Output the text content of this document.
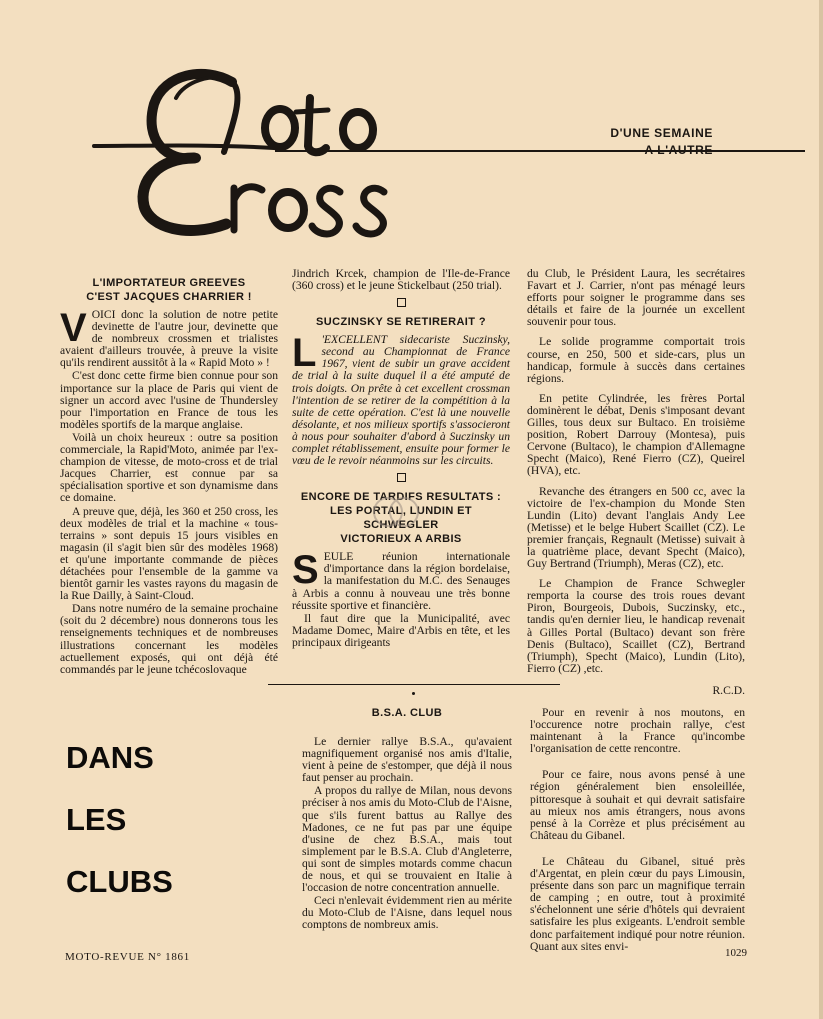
D'UNE SEMAINE
A L'AUTRE
L'IMPORTATEUR GREEVES
C'EST JACQUES CHARRIER !

VOICI donc la solution de notre petite devinette de l'autre jour, devinette que de nombreux crossmen et trialistes avaient d'ailleurs trouvée, à preuve la visite qu'ils rendirent aussitôt à la « Rapid Moto » !

C'est donc cette firme bien connue pour son importance sur la place de Paris qui vient de signer un accord avec l'usine de Thundersley pour l'importation en France de tous les modèles sportifs de la marque anglaise.

Voilà un choix heureux : outre sa position commerciale, la Rapid'Moto, animée par l'ex-champion de vitesse, de moto-cross et de trial Jacques Charrier, est connue par sa spécialisation sportive et son dynamisme dans ce domaine.

A preuve que, déjà, les 360 et 250 cross, les deux modèles de trial et la machine « tous-terrains » sont depuis 15 jours visibles en magasin (il s'agit bien sûr des modèles 1968) et qu'une importante commande de pièces détachées pour l'ensemble de la gamme va bientôt garnir les vastes rayons du magasin de la Rue Dailly, à Saint-Cloud.

Dans notre numéro de la semaine prochaine (soit du 2 décembre) nous donnerons tous les renseignements techniques et de nombreuses illustrations concernant les modèles actuellement exposés, qui ont déjà été commandés par le jeune tchécoslovaque

Jindrich Krcek, champion de l'Ile-de-France (360 cross) et le jeune Stickelbaut (250 trial).

SUCZINSKY SE RETIRERAIT ?

L 'EXCELLENT sidecariste Suczinsky, second au Championnat de France 1967, vient de subir un grave accident de trial à la suite duquel il a été amputé de trois doigts. On prête à cet excellent crossman l'intention de se retirer de la compétition à la suite de cette opération. C'est là une nouvelle désolante, et nos milieux sportifs s'associeront à nous pour souhaiter d'abord à Suczinsky un complet rétablissement, ensuite pour former le vœu de le revoir néanmoins sur les circuits.

ENCORE DE TARDIFS RESULTATS :
LES PORTAL, LUNDIN ET SCHWEGLER
VICTORIEUX A ARBIS

SEULE réunion internationale d'importance dans la région bordelaise, la manifestation du M.C. des Senauges à Arbis a connu à nouveau une très bonne réussite sportive et financière.

Il faut dire que la Municipalité, avec Madame Domec, Maire d'Arbis en tête, et les principaux dirigeants

du Club, le Président Laura, les secrétaires Favart et J. Carrier, n'ont pas ménagé leurs efforts pour soigner le programme dans ses détails et faire de la journée un excellent souvenir pour tous.

Le solide programme comportait trois course, en 250, 500 et side-cars, plus un handicap, formule à succès dans certaines régions.

En petite Cylindrée, les frères Portal dominèrent le débat, Denis s'imposant devant Gilles, tous deux sur Bultaco. En troisième position, Robert Darrouy (Montesa), puis Cervone (Bultaco), le champion d'Allemagne Specht (Maico), René Fierro (CZ), Queirel (HVA), etc.

Revanche des étrangers en 500 cc, avec la victoire de l'ex-champion du Monde Sten Lundin (Lito) devant l'anglais Andy Lee (Metisse) et le belge Hubert Scaillet (CZ). Le premier français, Regnault (Metisse) suivait à la quatrième place, devant Specht (Maico), Guy Bertrand (Triumph), Meras (CZ), etc.

Le Champion de France Schwegler remporta la course des trois roues devant Piron, Bourgeois, Dubois, Suczinsky, etc., tandis qu'en dernier lieu, le handicap revenait à Gilles Portal (Bultaco) devant son frère Denis (Bultaco), Scaillet (CZ), Bertrand (Triumph), Specht (Maico), Lundin (Lito), Fierro (CZ) ,etc.

R.C.D.

DANS
LES
CLUBS
B.S.A. CLUB

Le dernier rallye B.S.A., qu'avaient magnifiquement organisé nos amis d'Italie, vient à peine de s'estomper, que déjà il nous faut penser au prochain.

A propos du rallye de Milan, nous devons préciser à nos amis du Moto-Club de l'Aisne, que s'ils furent battus au Rallye des Madones, ce ne fut pas par une équipe d'usine de chez B.S.A., mais tout simplement par le B.S.A. Club d'Angleterre, qui sont de simples motards comme chacun de nous, et qui se trouvaient en Italie à l'occasion de notre concentration annuelle.

Ceci n'enlevait évidemment rien au mérite du Moto-Club de l'Aisne, dans lequel nous comptons de nombreux amis.

Pour en revenir à nos moutons, en l'occurence notre prochain rallye, c'est maintenant à la France qu'incombe l'organisation de cette rencontre.

Pour ce faire, nous avons pensé à une région généralement bien ensoleillée, pittoresque à souhait et qui devrait satisfaire au mieux nos amis étrangers, nous avons pensé à la Corrèze et plus précisément au Château du Gibanel.

Le Château du Gibanel, situé près d'Argentat, en plein cœur du pays Limousin, présente dans son parc un magnifique terrain de camping ; en outre, tout à proximité s'échelonnent une série d'hôtels qui devraient satisfaire les plus exigeants. L'endroit semble donc parfaitement indiqué pour notre réunion. Quant aux sites envi-

MOTO-REVUE N° 1861	1029
